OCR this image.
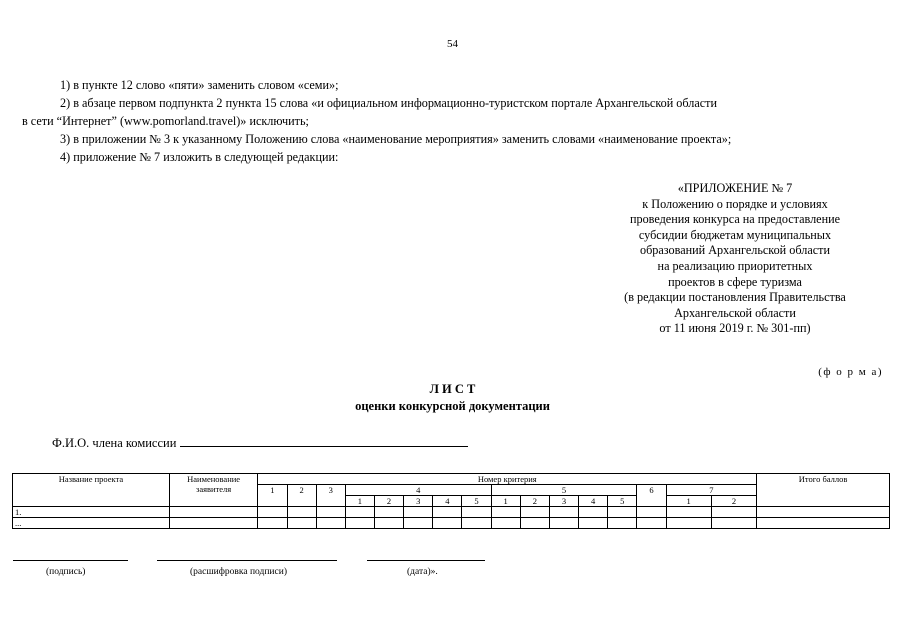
54
1) в пункте 12 слово «пяти» заменить словом «семи»;
2) в абзаце первом подпункта 2 пункта 15 слова «и официальном информационно-туристском портале Архангельской области
в сети “Интернет” (www.pomorland.travel)» исключить;
3) в приложении № 3 к указанному Положению слова «наименование мероприятия» заменить словами «наименование проекта»;
4) приложение № 7 изложить в следующей редакции:
«ПРИЛОЖЕНИЕ № 7
к Положению о порядке и условиях
проведения конкурса на предоставление
субсидии бюджетам муниципальных
образований Архангельской области
на реализацию приоритетных
проектов в сфере туризма
(в редакции постановления Правительства
Архангельской области
от 11 июня 2019 г. № 301-пп)
(ф о р м а)
Л И С Т
оценки конкурсной документации
Ф.И.О. члена комиссии
Название проекта	Наименование заявителя	Номер критерия																Итого баллов
		1	2	3	4					5					6	7		
					1	2	3	4	5	1	2	3	4	5		1	2	
1.																		
...																		
(подпись)	(расшифровка подписи)	(дата)».
